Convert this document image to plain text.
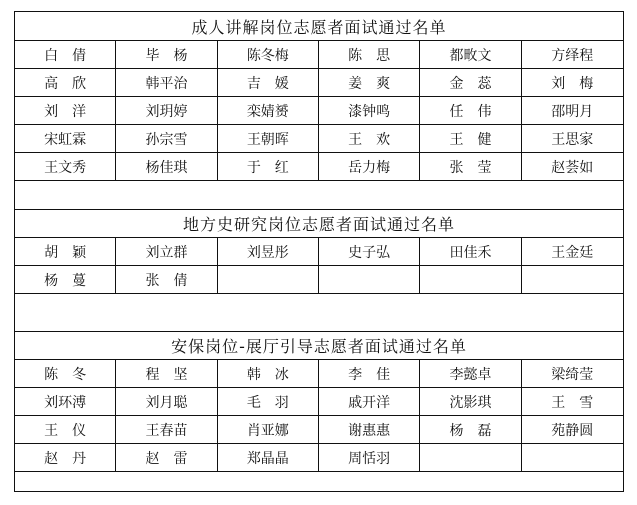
成人讲解岗位志愿者面试通过名单
白　倩	毕　杨	陈冬梅	陈　思	都畋文	方绎程
高　欣	韩平治	吉　媛	姜　爽	金　蕊	刘　梅
刘　洋	刘玥婷	栾婧赟	漆钟鸣	任　伟	邵明月
宋虹霖	孙宗雪	王朝晖	王　欢	王　健	王思家
王文秀	杨佳琪	于　红	岳力梅	张　莹	赵荟如
地方史研究岗位志愿者面试通过名单
胡　颖	刘立群	刘昱彤	史子弘	田佳禾	王金廷
杨　蔓	张　倩
安保岗位-展厅引导志愿者面试通过名单
陈　冬	程　坚	韩　冰	李　佳	李懿卓	梁绮莹
刘环溥	刘月聪	毛　羽	戚开洋	沈影琪	王　雪
王　仪	王春苗	肖亚娜	谢惠惠	杨　磊	苑静圆
赵　丹	赵　雷	郑晶晶	周恬羽
